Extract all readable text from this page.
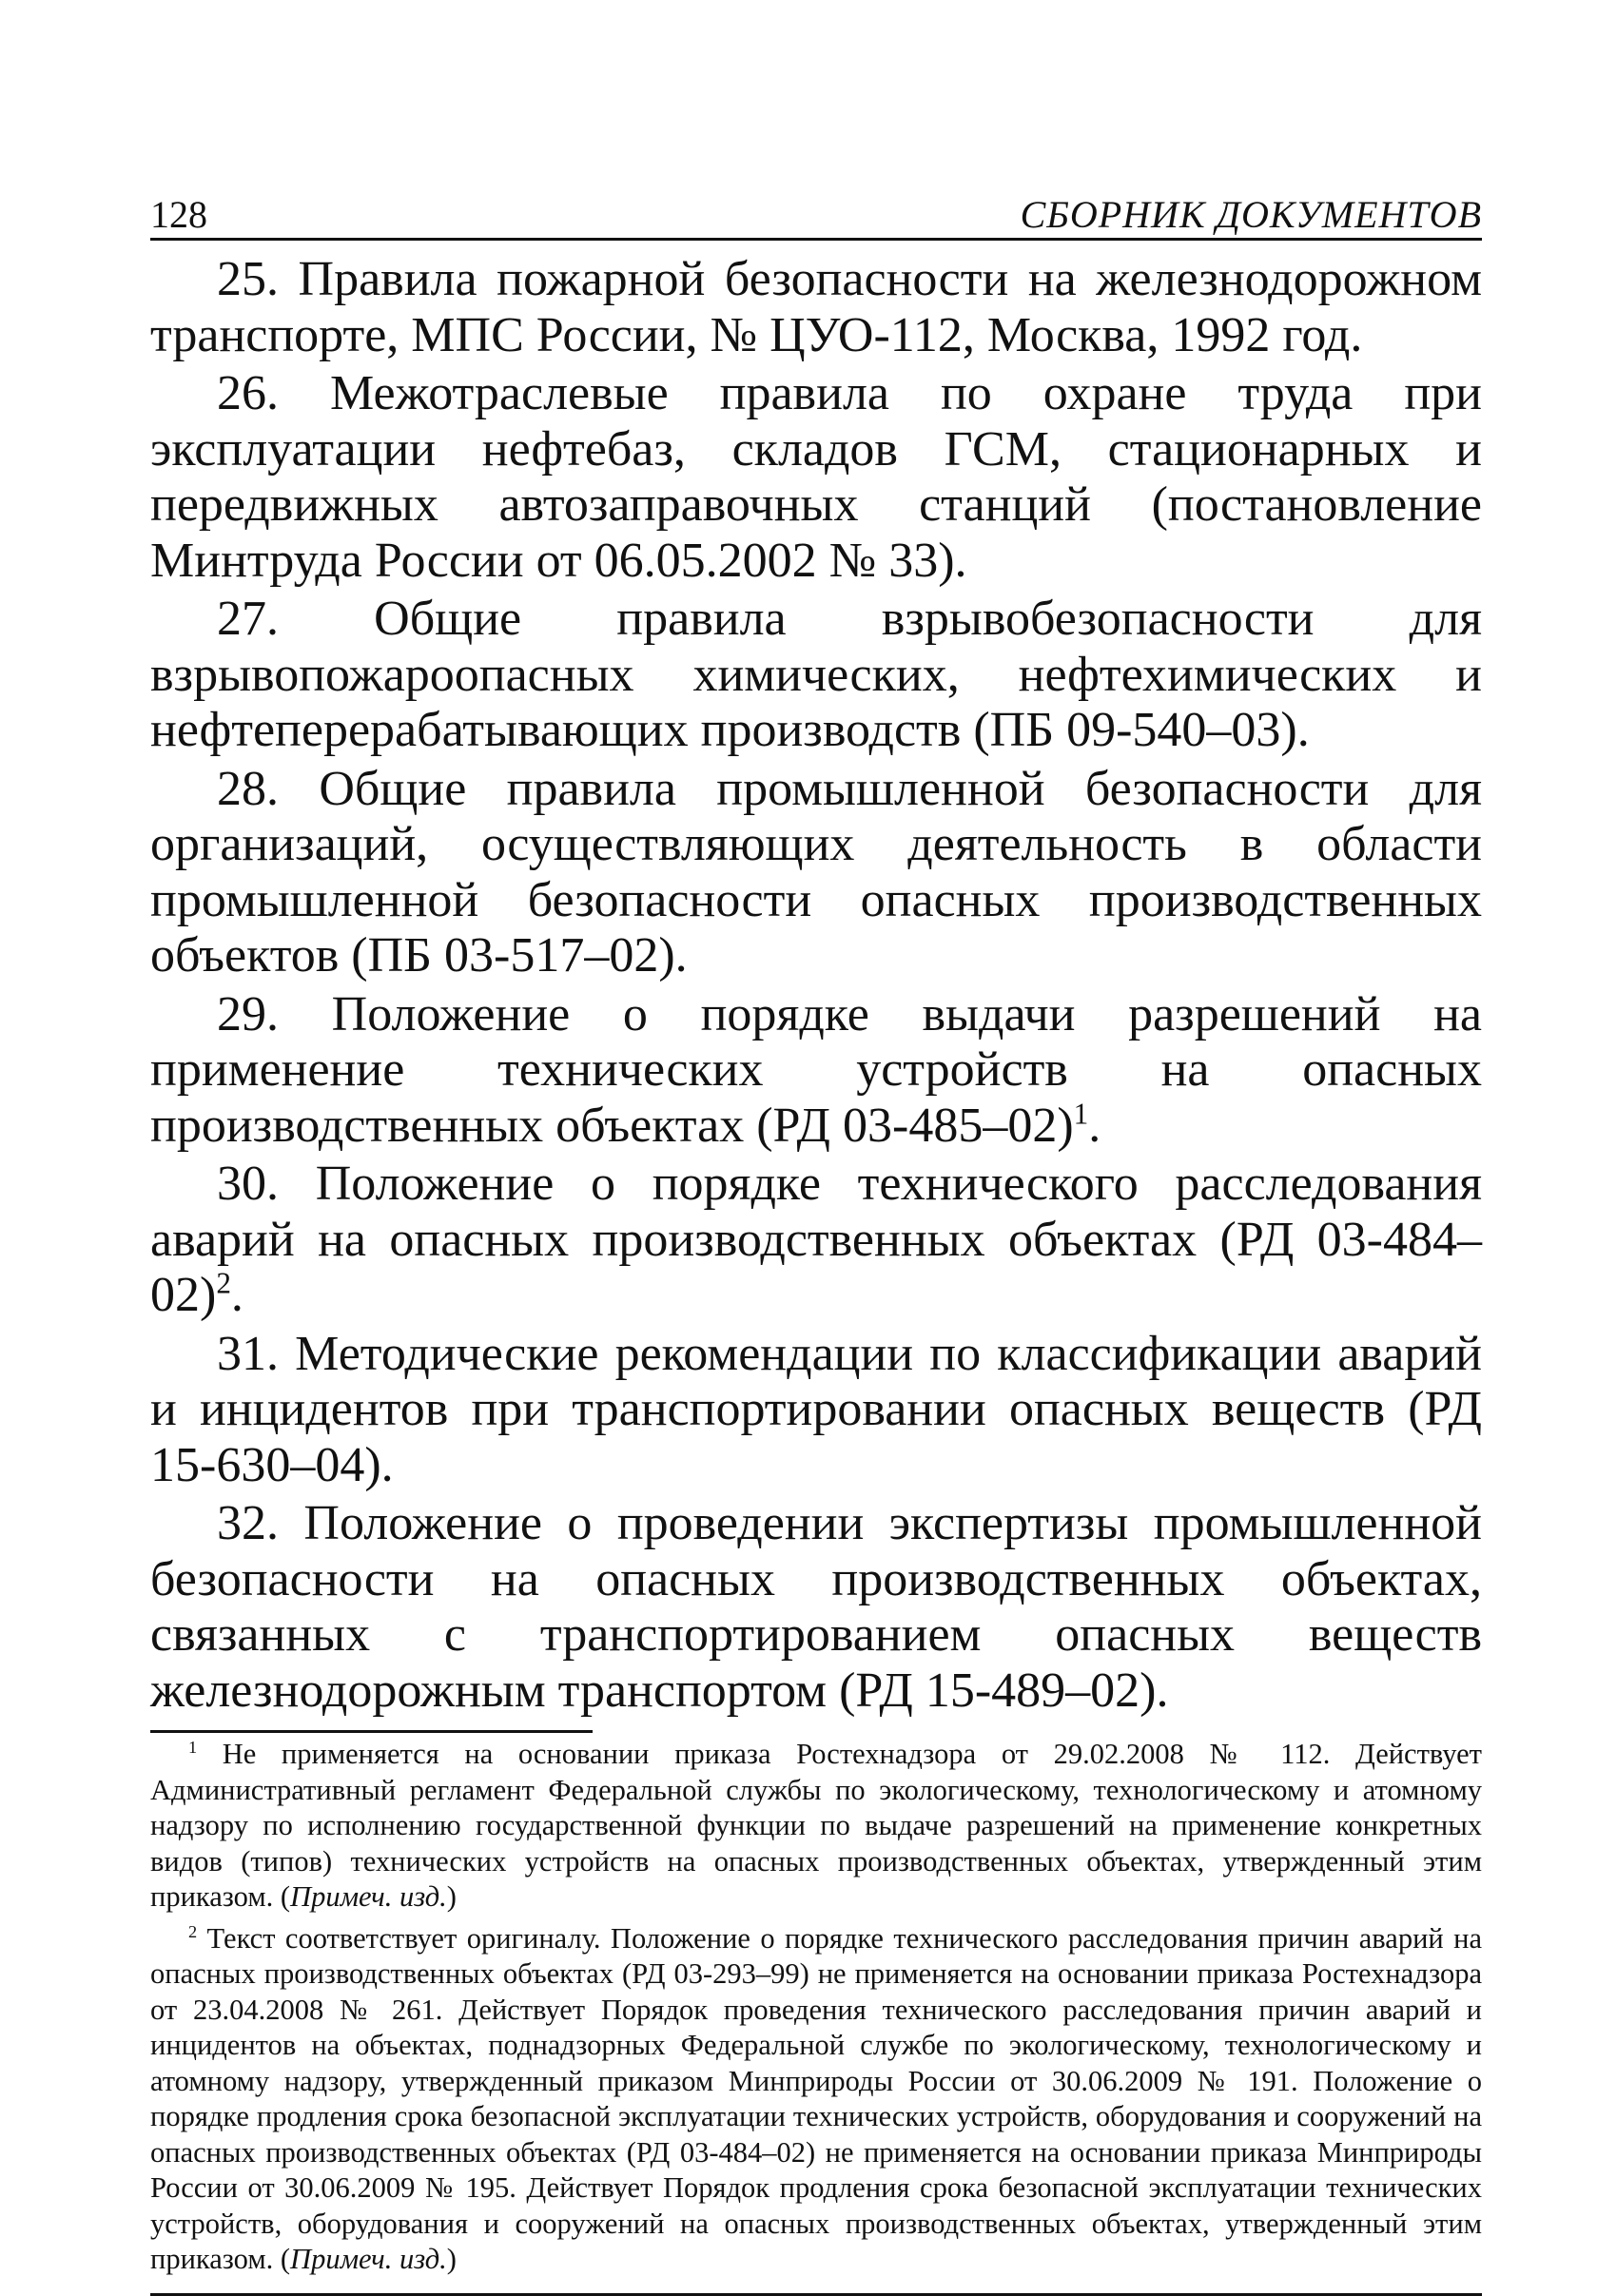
128	СБОРНИК ДОКУМЕНТОВ

25. Правила пожарной безопасности на железнодорожном транспорте, МПС России, № ЦУО-112, Москва, 1992 год.

26. Межотраслевые правила по охране труда при эксплуатации нефтебаз, складов ГСМ, стационарных и передвижных автозаправочных станций (постановление Минтруда России от 06.05.2002 № 33).

27. Общие правила взрывобезопасности для взрывопожароопасных химических, нефтехимических и нефтеперерабатывающих производств (ПБ 09-540–03).

28. Общие правила промышленной безопасности для организаций, осуществляющих деятельность в области промышленной безопасности опасных производственных объектов (ПБ 03-517–02).

29. Положение о порядке выдачи разрешений на применение технических устройств на опасных производственных объектах (РД 03-485–02)$^1$.

30. Положение о порядке технического расследования аварий на опасных производственных объектах (РД 03-484–02)$^2$.

31. Методические рекомендации по классификации аварий и инцидентов при транспортировании опасных веществ (РД 15-630–04).

32. Положение о проведении экспертизы промышленной безопасности на опасных производственных объектах, связанных с транспортированием опасных веществ железнодорожным транспортом (РД 15-489–02).

$^1$ Не применяется на основании приказа Ростехнадзора от 29.02.2008 № 112. Действует Административный регламент Федеральной службы по экологическому, технологическому и атомному надзору по исполнению государственной функции по выдаче разрешений на применение конкретных видов (типов) технических устройств на опасных производственных объектах, утвержденный этим приказом. (Примеч. изд.)

$^2$ Текст соответствует оригиналу. Положение о порядке технического расследования причин аварий на опасных производственных объектах (РД 03-293–99) не применяется на основании приказа Ростехнадзора от 23.04.2008 № 261. Действует Порядок проведения технического расследования причин аварий и инцидентов на объектах, поднадзорных Федеральной службе по экологическому, технологическому и атомному надзору, утвержденный приказом Минприроды России от 30.06.2009 № 191. Положение о порядке продления срока безопасной эксплуатации технических устройств, оборудования и сооружений на опасных производственных объектах (РД 03-484–02) не применяется на основании приказа Минприроды России от 30.06.2009 № 195. Действует Порядок продления срока безопасной эксплуатации технических устройств, оборудования и сооружений на опасных производственных объектах, утвержденный этим приказом. (Примеч. изд.)
